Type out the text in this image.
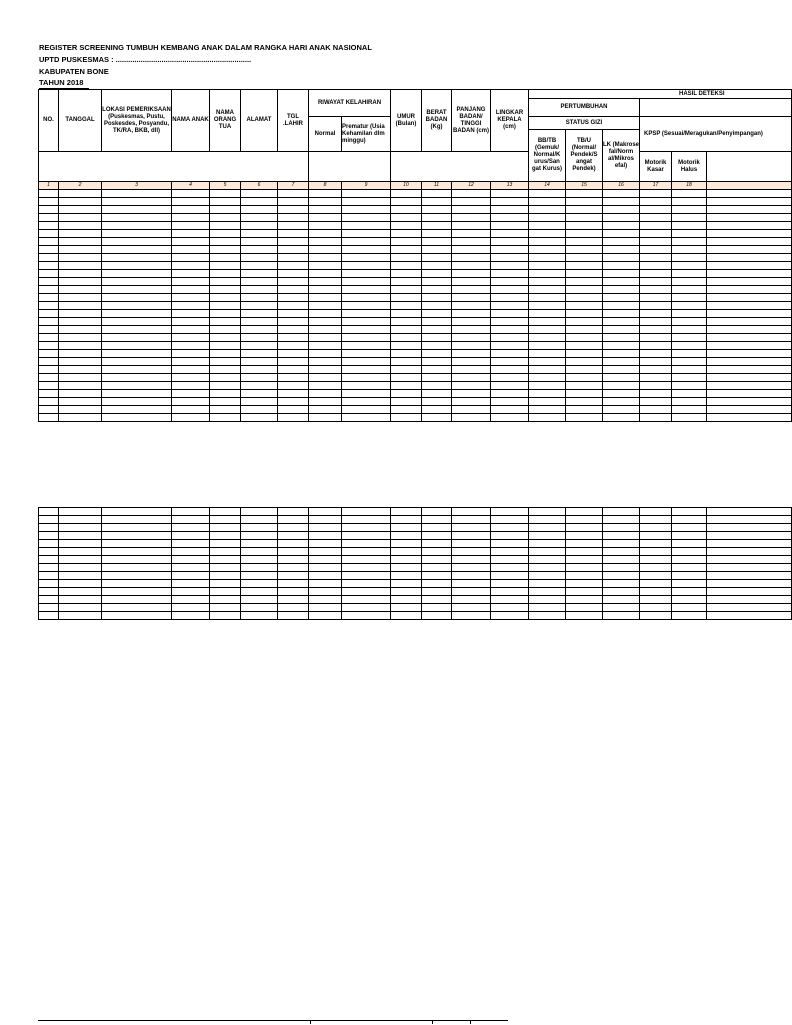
REGISTER SCREENING TUMBUH KEMBANG ANAK DALAM RANGKA HARI ANAK NASIONAL
UPTD PUSKESMAS : .................................................................
KABUPATEN BONE
TAHUN 2018
NO.	TANGGAL	LOKASI PEMERIKSAAN (Puskesmas, Pustu, Poskesdes, Posyandu, TK/RA, BKB, dll)	NAMA ANAK	NAMA ORANG TUA	ALAMAT	TGL .LAHIR	RIWAYAT KELAHIRAN		UMUR (Bulan)	BERAT BADAN (Kg)	PANJANG BADAN/ TINGGI BADAN (cm)	LINGKAR KEPALA (cm)	HASIL DETEKSI					
													PERTUMBUHAN					
							Normal	Prematur (Usia Kehamilan dlm minggu)					STATUS GIZI			KPSP (Sesuai/Meragukan/Penyimpangan)		
													BB/TB (Gemuk/ Normal/K urus/San gat Kurus)	TB/U (Normal/ Pendek/S angat Pendek)	LK (Makrose fal/Norm al/Mikros efal)			
																Motorik Kasar	Motorik Halus	
1	2	3	4	5	6	7	8	9	10	11	12	13	14	15	16	17	18	
